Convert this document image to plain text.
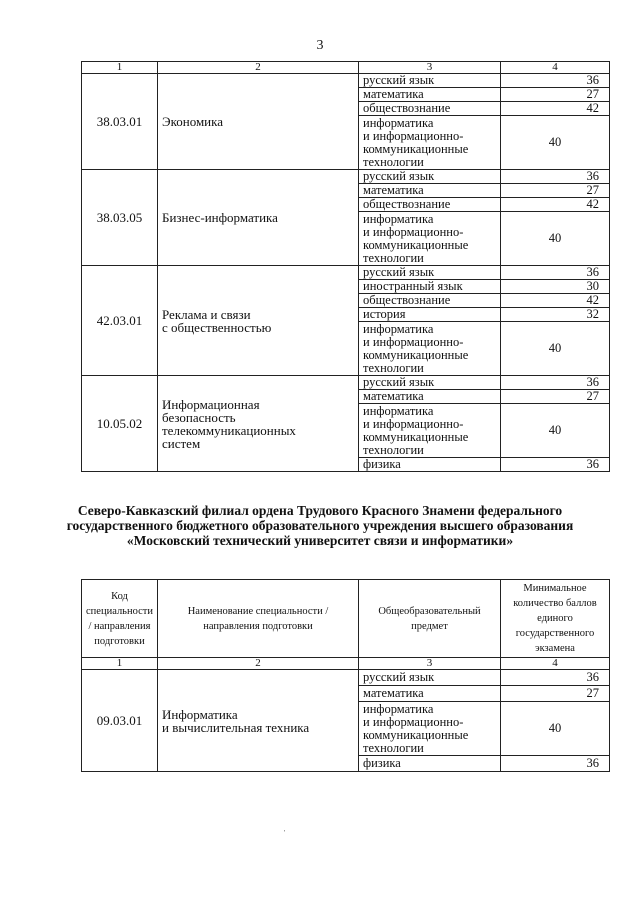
3
1	2	3	4
38.03.01	Экономика	русский язык	36
		математика	27
		обществознание	42
		информатика
и информационно-
коммуникационные
технологии	40
38.03.05	Бизнес-информатика	русский язык	36
		математика	27
		обществознание	42
		информатика
и информационно-
коммуникационные
технологии	40
42.03.01	Реклама и связи
с общественностью	русский язык	36
		иностранный язык	30
		обществознание	42
		история	32
		информатика
и информационно-
коммуникационные
технологии	40
10.05.02	Информационная
безопасность
телекоммуникационных
систем	русский язык	36
		математика	27
		информатика
и информационно-
коммуникационные
технологии	40
		физика	36
Северо-Кавказский филиал ордена Трудового Красного Знамени федерального государственного бюджетного образовательного учреждения высшего образования «Московский технический университет связи и информатики»
Код специальности / направления подготовки	Наименование специальности / направления подготовки	Общеобразовательный предмет	Минимальное количество баллов единого государственного экзамена
1	2	3	4
09.03.01	Информатика
и вычислительная техника	русский язык	36
		математика	27
		информатика
и информационно-
коммуникационные
технологии	40
		физика	36
'
